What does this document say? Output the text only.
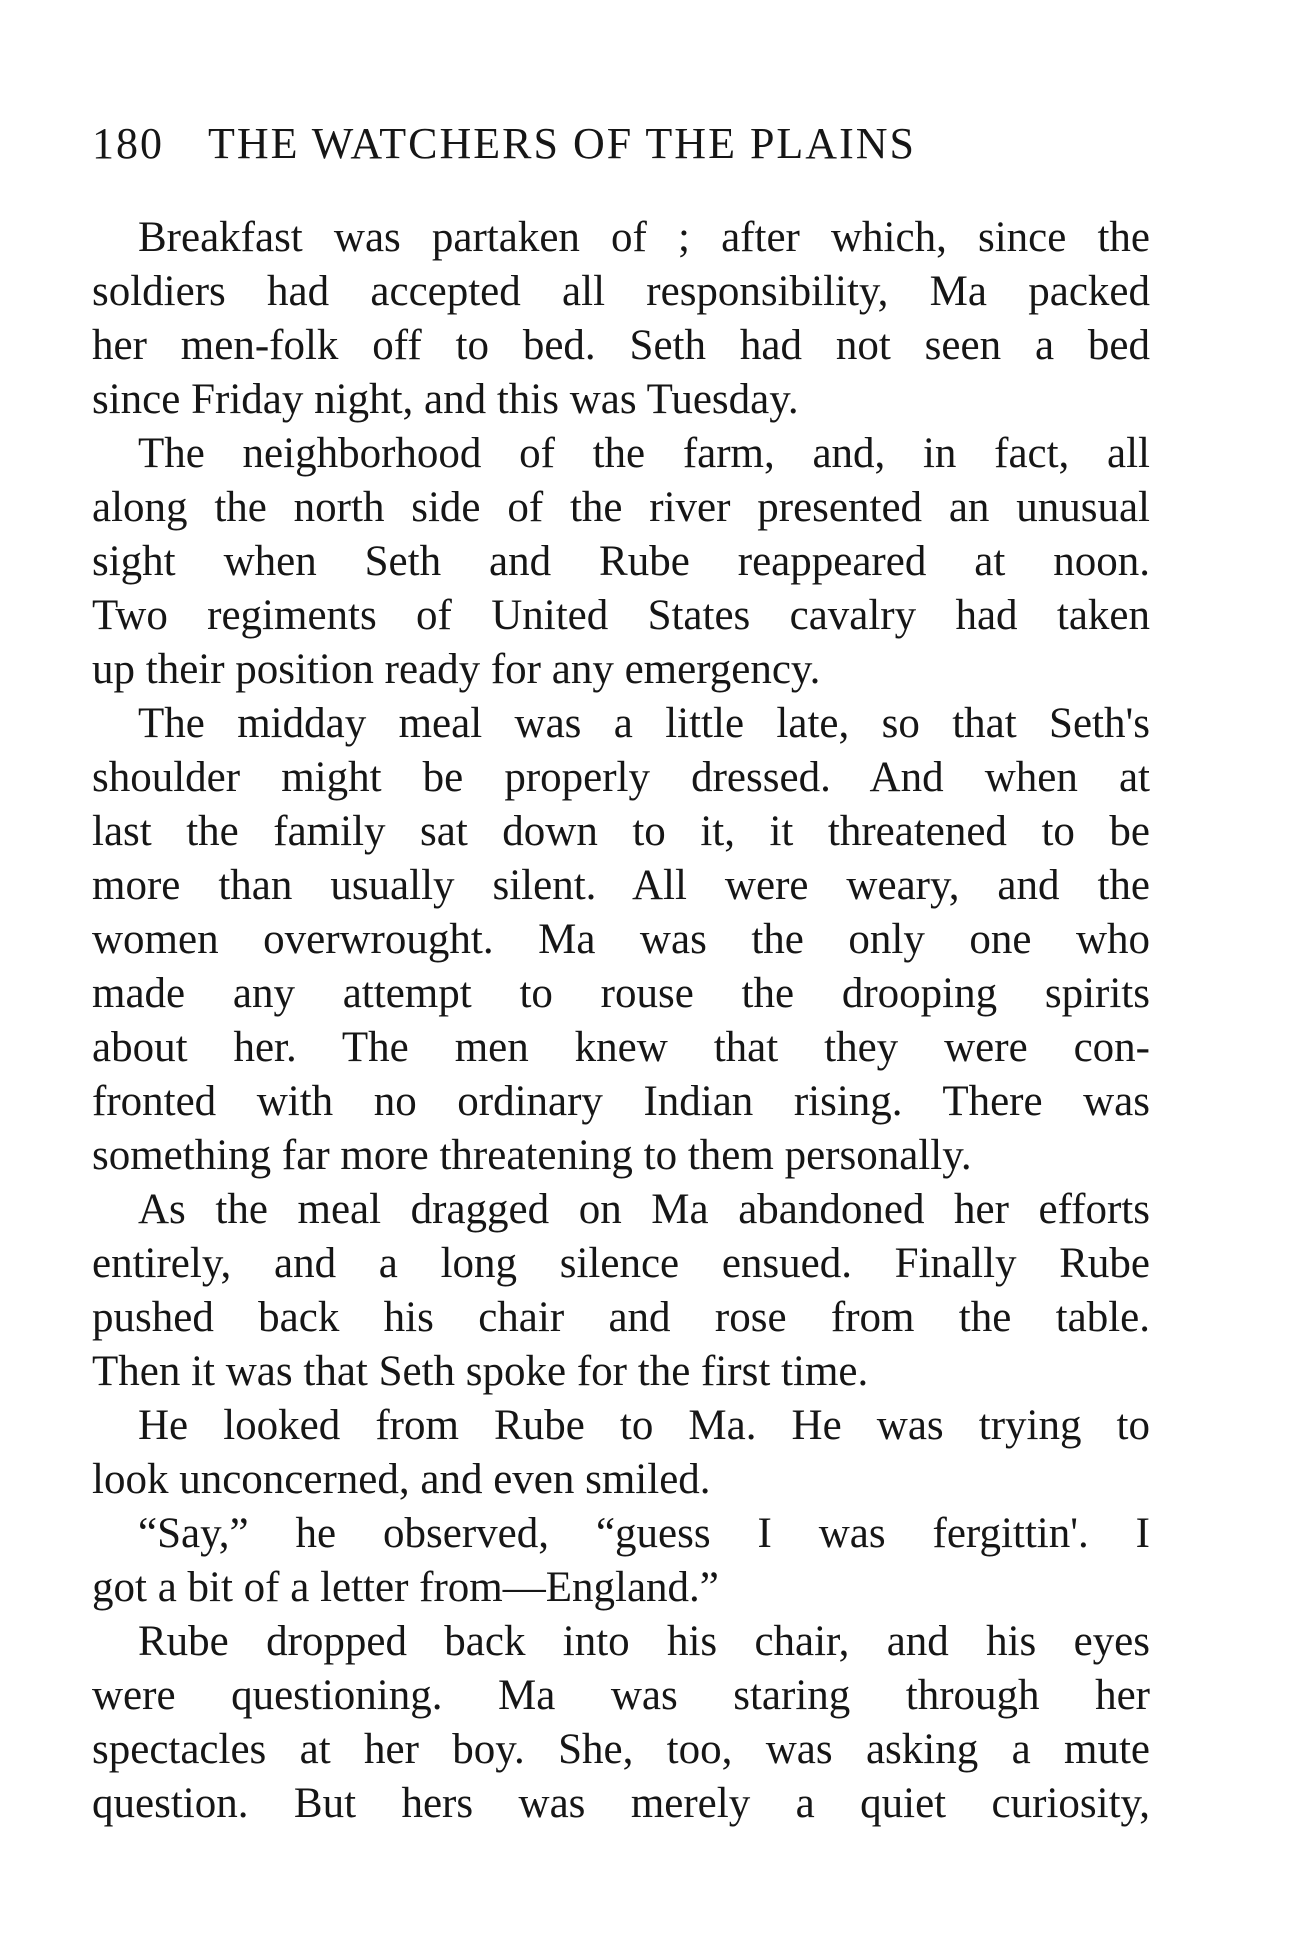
180 THE WATCHERS OF THE PLAINS
Breakfast was partaken of ; after which, since the
soldiers had accepted all responsibility, Ma packed
her men-folk off to bed. Seth had not seen a bed
since Friday night, and this was Tuesday.
The neighborhood of the farm, and, in fact, all
along the north side of the river presented an unusual
sight when Seth and Rube reappeared at noon.
Two regiments of United States cavalry had taken
up their position ready for any emergency.
The midday meal was a little late, so that Seth's
shoulder might be properly dressed. And when at
last the family sat down to it, it threatened to be
more than usually silent. All were weary, and the
women overwrought. Ma was the only one who
made any attempt to rouse the drooping spirits
about her. The men knew that they were con-
fronted with no ordinary Indian rising. There was
something far more threatening to them personally.
As the meal dragged on Ma abandoned her efforts
entirely, and a long silence ensued. Finally Rube
pushed back his chair and rose from the table.
Then it was that Seth spoke for the first time.
He looked from Rube to Ma. He was trying to
look unconcerned, and even smiled.
“Say,” he observed, “guess I was fergittin'. I
got a bit of a letter from—England.”
Rube dropped back into his chair, and his eyes
were questioning. Ma was staring through her
spectacles at her boy. She, too, was asking a mute
question. But hers was merely a quiet curiosity,
